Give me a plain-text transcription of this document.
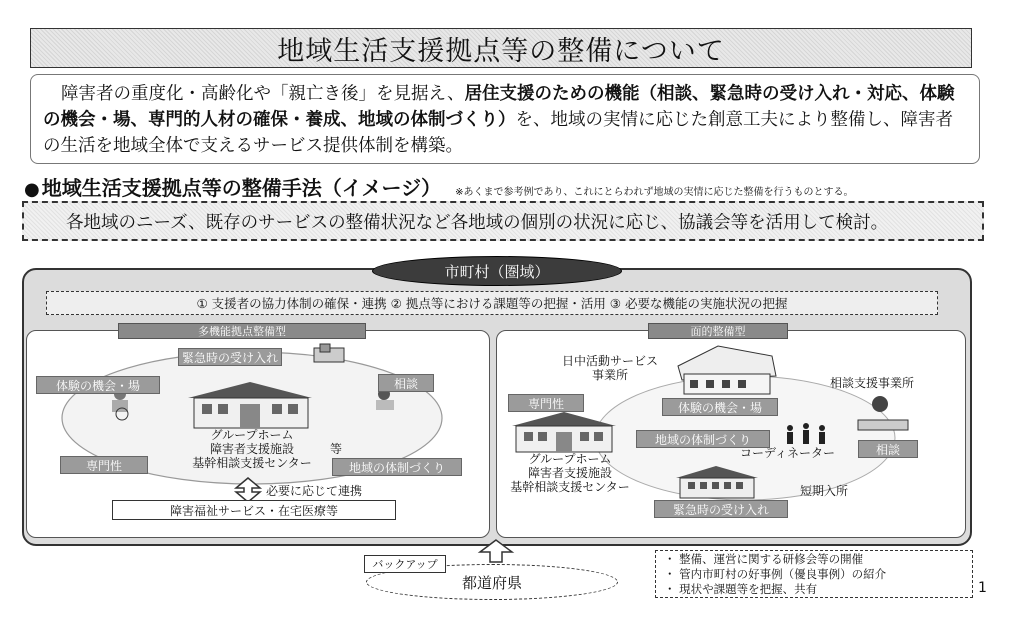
地域生活支援拠点等の整備について
障害者の重度化・高齢化や「親亡き後」を見据え、居住支援のための機能（相談、緊急時の受け入れ・対応、体験の機会・場、専門的人材の確保・養成、地域の体制づくり）を、地域の実情に応じた創意工夫により整備し、障害者の生活を地域全体で支えるサービス提供体制を構築。
● 地域生活支援拠点等の整備手法（イメージ） ※あくまで参考例であり、これにとらわれず地域の実情に応じた整備を行うものとする。
各地域のニーズ、既存のサービスの整備状況など各地域の個別の状況に応じ、協議会等を活用して検討。
市町村（圏域）
① 支援者の協力体制の確保・連携 ② 拠点等における課題等の把握・活用 ③ 必要な機能の実施状況の把握
多機能拠点整備型	面的整備型
緊急時の受け入れ
体験の機会・場	相談
専門性	地域の体制づくり
グループホーム
障害者支援施設
基幹相談支援センター
等
必要に応じて連携
障害福祉サービス・在宅医療等
日中活動サービス
事業所
相談支援事業所
専門性	体験の機会・場
地域の体制づくり
相談
緊急時の受け入れ
グループホーム
障害者支援施設
基幹相談支援センター
コーディネーター
短期入所
都道府県
バックアップ	・ 整備、運営に関する研修会等の開催
・ 管内市町村の好事例（優良事例）の紹介
・ 現状や課題等を把握、共有	1
